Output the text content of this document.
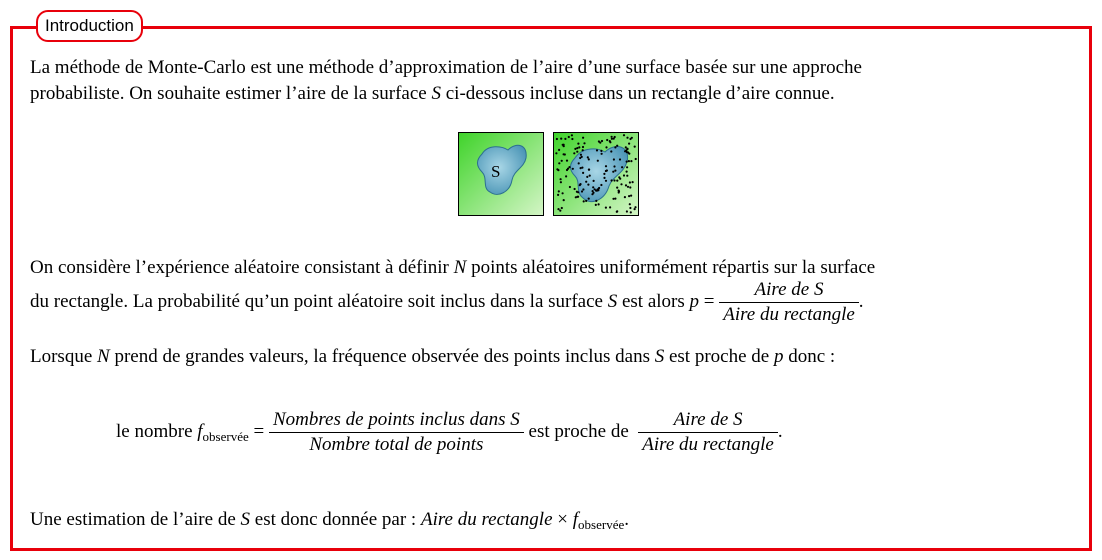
Introduction
La méthode de Monte-Carlo est une méthode d’approximation de l’aire d’une surface basée sur une approche
probabiliste. On souhaite estimer l’aire de la surface S ci-dessous incluse dans un rectangle d’aire connue.
S
On considère l’expérience aléatoire consistant à définir N points aléatoires uniformément répartis sur la surface
du rectangle. La probabilité qu’un point aléatoire soit inclus dans la surface S est alors $p = \frac{\text{Aire de S}}{\text{Aire du rectangle}}$ .
Lorsque N prend de grandes valeurs, la fréquence observée des points inclus dans S est proche de p donc :
le nombre $f_{observée} = \frac{\text{Nombres de points inclus dans S}}{\text{Nombre total de points}}$ est proche de $\frac{\text{Aire de S}}{\text{Aire du rectangle}}$ .
Une estimation de l’aire de S est donc donnée par : Aire du rectangle × $f_{observée}$.
